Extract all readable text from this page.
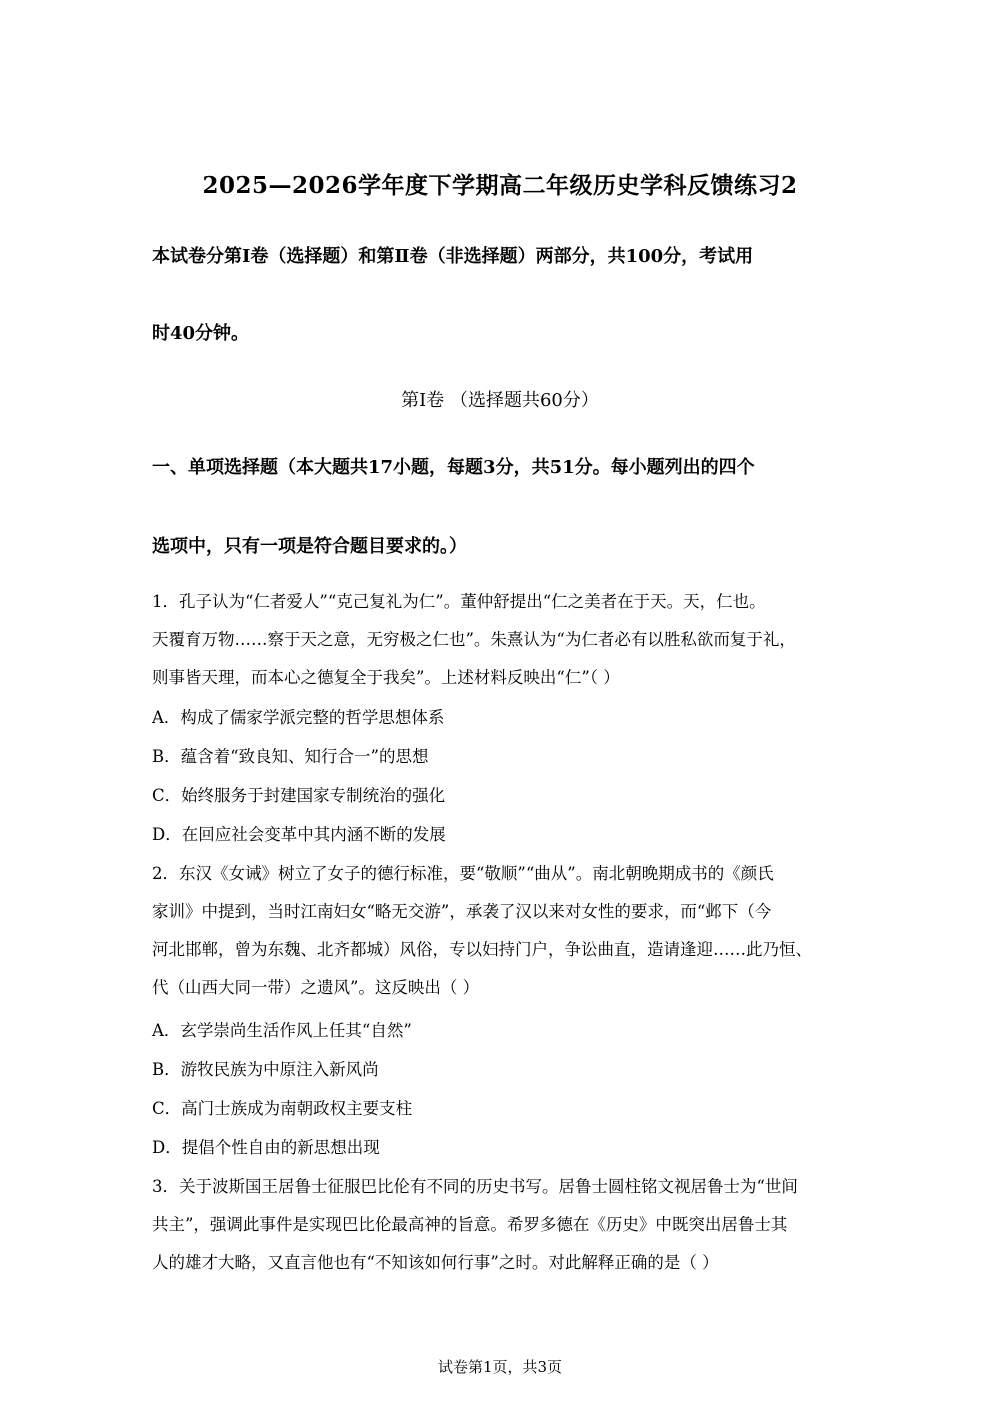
2025—2026学年度下学期高二年级历史学科反馈练习2
本试卷分第Ⅰ卷（选择题）和第Ⅱ卷（非选择题）两部分，共100分，考试用
时40分钟。
第Ⅰ卷 （选择题共60分）
一、单项选择题（本大题共17小题，每题3分，共51分。每小题列出的四个
选项中，只有一项是符合题目要求的。）

1．孔子认为“仁者爱人”“克己复礼为仁”。董仲舒提出“仁之美者在于天。天，仁也。

天覆育万物……察于天之意，无穷极之仁也”。朱熹认为“为仁者必有以胜私欲而复于礼，

则事皆天理，而本心之德复全于我矣”。上述材料反映出“仁”（ ）

A．构成了儒家学派完整的哲学思想体系
B．蕴含着“致良知、知行合一”的思想
C．始终服务于封建国家专制统治的强化
D．在回应社会变革中其内涵不断的发展

2．东汉《女诫》树立了女子的德行标准，要“敬顺”“曲从”。南北朝晚期成书的《颜氏

家训》中提到，当时江南妇女“略无交游”，承袭了汉以来对女性的要求，而“邺下（今

河北邯郸，曾为东魏、北齐都城）风俗，专以妇持门户，争讼曲直，造请逢迎……此乃恒、

代（山西大同一带）之遗风”。这反映出（ ）

A．玄学崇尚生活作风上任其“自然”
B．游牧民族为中原注入新风尚
C．高门士族成为南朝政权主要支柱
D．提倡个性自由的新思想出现

3．关于波斯国王居鲁士征服巴比伦有不同的历史书写。居鲁士圆柱铭文视居鲁士为“世间

共主”，强调此事件是实现巴比伦最高神的旨意。希罗多德在《历史》中既突出居鲁士其

人的雄才大略，又直言他也有“不知该如何行事”之时。对此解释正确的是（ ）

试卷第1页，共3页
